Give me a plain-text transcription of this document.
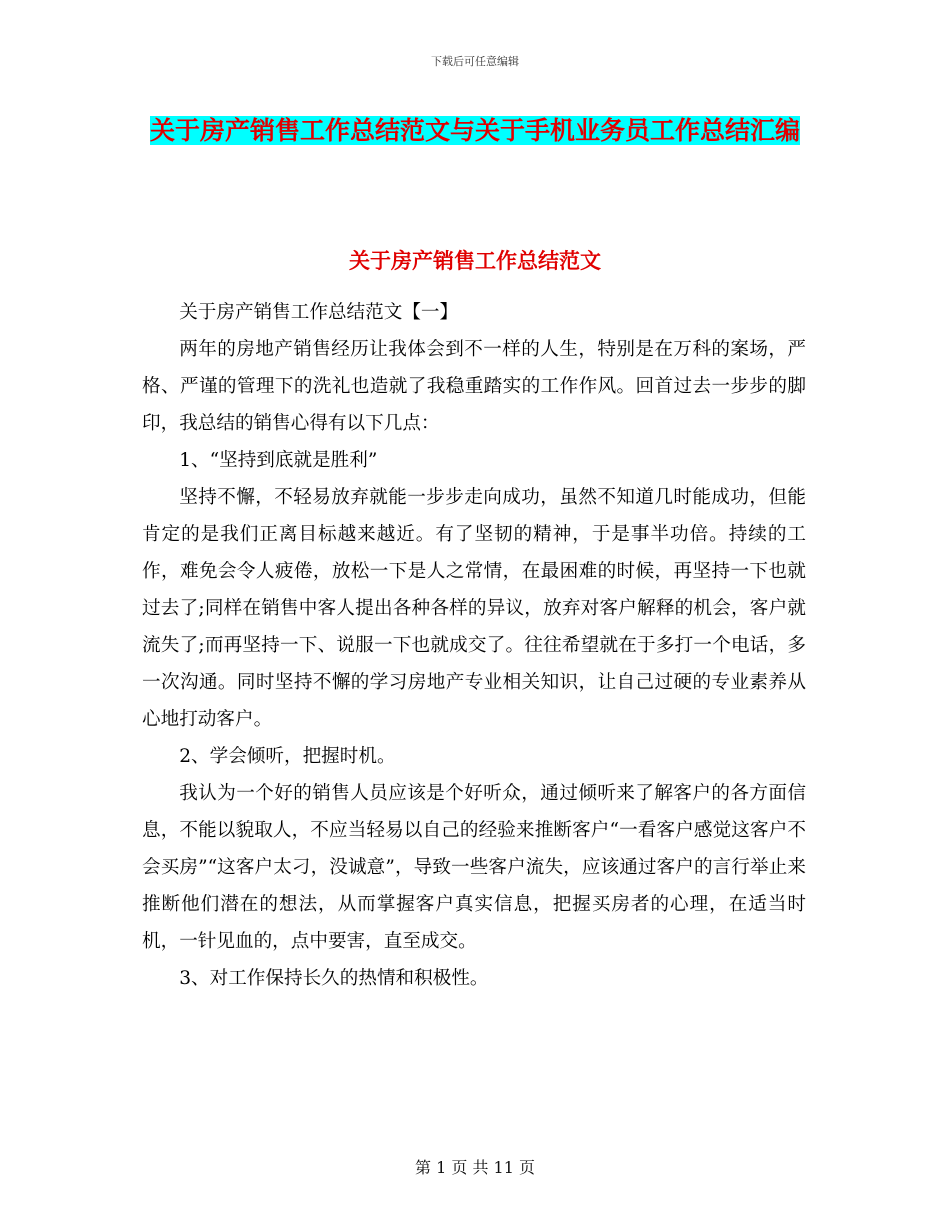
下载后可任意编辑
关于房产销售工作总结范文与关于手机业务员工作总结汇编
关于房产销售工作总结范文

关于房产销售工作总结范文【一】

两年的房地产销售经历让我体会到不一样的人生，特别是在万科的案场，严格、严谨的管理下的洗礼也造就了我稳重踏实的工作作风。回首过去一步步的脚印，我总结的销售心得有以下几点：

1、“坚持到底就是胜利”

坚持不懈，不轻易放弃就能一步步走向成功，虽然不知道几时能成功，但能肯定的是我们正离目标越来越近。有了坚韧的精神，于是事半功倍。持续的工作，难免会令人疲倦，放松一下是人之常情，在最困难的时候，再坚持一下也就过去了;同样在销售中客人提出各种各样的异议，放弃对客户解释的机会，客户就流失了;而再坚持一下、说服一下也就成交了。往往希望就在于多打一个电话，多一次沟通。同时坚持不懈的学习房地产专业相关知识，让自己过硬的专业素养从心地打动客户。

2、学会倾听，把握时机。

我认为一个好的销售人员应该是个好听众，通过倾听来了解客户的各方面信息，不能以貌取人，不应当轻易以自己的经验来推断客户“一看客户感觉这客户不会买房”“这客户太刁，没诚意”，导致一些客户流失，应该通过客户的言行举止来推断他们潜在的想法，从而掌握客户真实信息，把握买房者的心理，在适当时机，一针见血的，点中要害，直至成交。

3、对工作保持长久的热情和积极性。

第 1 页 共 11 页
